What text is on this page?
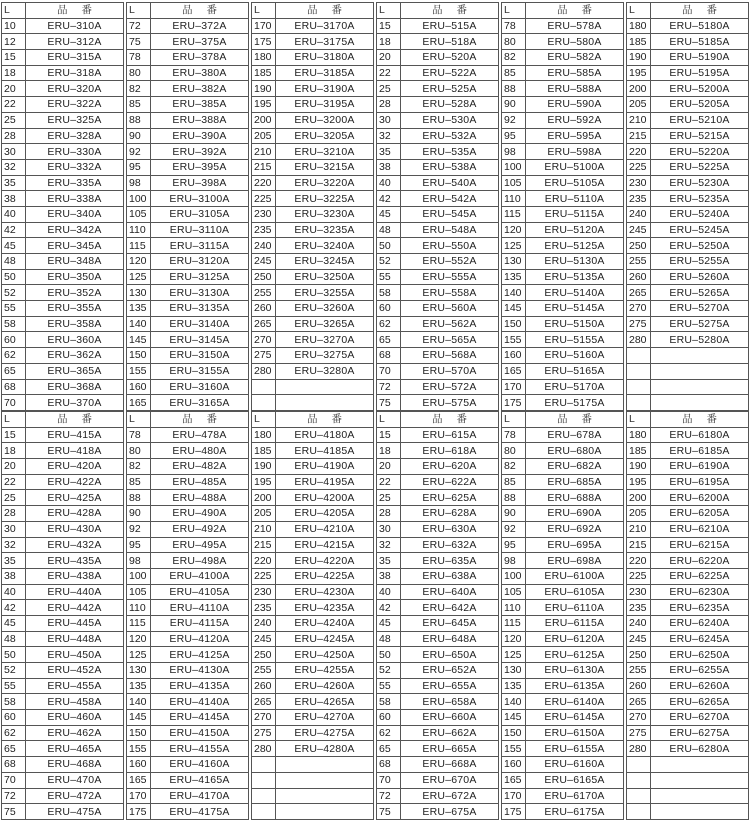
L	品番
10	ERU–310A
12	ERU–312A
15	ERU–315A
18	ERU–318A
20	ERU–320A
22	ERU–322A
25	ERU–325A
28	ERU–328A
30	ERU–330A
32	ERU–332A
35	ERU–335A
38	ERU–338A
40	ERU–340A
42	ERU–342A
45	ERU–345A
48	ERU–348A
50	ERU–350A
52	ERU–352A
55	ERU–355A
58	ERU–358A
60	ERU–360A
62	ERU–362A
65	ERU–365A
68	ERU–368A
70	ERU–370A
L	品番
72	ERU–372A
75	ERU–375A
78	ERU–378A
80	ERU–380A
82	ERU–382A
85	ERU–385A
88	ERU–388A
90	ERU–390A
92	ERU–392A
95	ERU–395A
98	ERU–398A
100	ERU–3100A
105	ERU–3105A
110	ERU–3110A
115	ERU–3115A
120	ERU–3120A
125	ERU–3125A
130	ERU–3130A
135	ERU–3135A
140	ERU–3140A
145	ERU–3145A
150	ERU–3150A
155	ERU–3155A
160	ERU–3160A
165	ERU–3165A
L	品番
170	ERU–3170A
175	ERU–3175A
180	ERU–3180A
185	ERU–3185A
190	ERU–3190A
195	ERU–3195A
200	ERU–3200A
205	ERU–3205A
210	ERU–3210A
215	ERU–3215A
220	ERU–3220A
225	ERU–3225A
230	ERU–3230A
235	ERU–3235A
240	ERU–3240A
245	ERU–3245A
250	ERU–3250A
255	ERU–3255A
260	ERU–3260A
265	ERU–3265A
270	ERU–3270A
275	ERU–3275A
280	ERU–3280A

L	品番
15	ERU–515A
18	ERU–518A
20	ERU–520A
22	ERU–522A
25	ERU–525A
28	ERU–528A
30	ERU–530A
32	ERU–532A
35	ERU–535A
38	ERU–538A
40	ERU–540A
42	ERU–542A
45	ERU–545A
48	ERU–548A
50	ERU–550A
52	ERU–552A
55	ERU–555A
58	ERU–558A
60	ERU–560A
62	ERU–562A
65	ERU–565A
68	ERU–568A
70	ERU–570A
72	ERU–572A
75	ERU–575A
L	品番
78	ERU–578A
80	ERU–580A
82	ERU–582A
85	ERU–585A
88	ERU–588A
90	ERU–590A
92	ERU–592A
95	ERU–595A
98	ERU–598A
100	ERU–5100A
105	ERU–5105A
110	ERU–5110A
115	ERU–5115A
120	ERU–5120A
125	ERU–5125A
130	ERU–5130A
135	ERU–5135A
140	ERU–5140A
145	ERU–5145A
150	ERU–5150A
155	ERU–5155A
160	ERU–5160A
165	ERU–5165A
170	ERU–5170A
175	ERU–5175A
L	品番
180	ERU–5180A
185	ERU–5185A
190	ERU–5190A
195	ERU–5195A
200	ERU–5200A
205	ERU–5205A
210	ERU–5210A
215	ERU–5215A
220	ERU–5220A
225	ERU–5225A
230	ERU–5230A
235	ERU–5235A
240	ERU–5240A
245	ERU–5245A
250	ERU–5250A
255	ERU–5255A
260	ERU–5260A
265	ERU–5265A
270	ERU–5270A
275	ERU–5275A
280	ERU–5280A

L	品番
15	ERU–415A
18	ERU–418A
20	ERU–420A
22	ERU–422A
25	ERU–425A
28	ERU–428A
30	ERU–430A
32	ERU–432A
35	ERU–435A
38	ERU–438A
40	ERU–440A
42	ERU–442A
45	ERU–445A
48	ERU–448A
50	ERU–450A
52	ERU–452A
55	ERU–455A
58	ERU–458A
60	ERU–460A
62	ERU–462A
65	ERU–465A
68	ERU–468A
70	ERU–470A
72	ERU–472A
75	ERU–475A
L	品番
78	ERU–478A
80	ERU–480A
82	ERU–482A
85	ERU–485A
88	ERU–488A
90	ERU–490A
92	ERU–492A
95	ERU–495A
98	ERU–498A
100	ERU–4100A
105	ERU–4105A
110	ERU–4110A
115	ERU–4115A
120	ERU–4120A
125	ERU–4125A
130	ERU–4130A
135	ERU–4135A
140	ERU–4140A
145	ERU–4145A
150	ERU–4150A
155	ERU–4155A
160	ERU–4160A
165	ERU–4165A
170	ERU–4170A
175	ERU–4175A
L	品番
180	ERU–4180A
185	ERU–4185A
190	ERU–4190A
195	ERU–4195A
200	ERU–4200A
205	ERU–4205A
210	ERU–4210A
215	ERU–4215A
220	ERU–4220A
225	ERU–4225A
230	ERU–4230A
235	ERU–4235A
240	ERU–4240A
245	ERU–4245A
250	ERU–4250A
255	ERU–4255A
260	ERU–4260A
265	ERU–4265A
270	ERU–4270A
275	ERU–4275A
280	ERU–4280A

L	品番
15	ERU–615A
18	ERU–618A
20	ERU–620A
22	ERU–622A
25	ERU–625A
28	ERU–628A
30	ERU–630A
32	ERU–632A
35	ERU–635A
38	ERU–638A
40	ERU–640A
42	ERU–642A
45	ERU–645A
48	ERU–648A
50	ERU–650A
52	ERU–652A
55	ERU–655A
58	ERU–658A
60	ERU–660A
62	ERU–662A
65	ERU–665A
68	ERU–668A
70	ERU–670A
72	ERU–672A
75	ERU–675A
L	品番
78	ERU–678A
80	ERU–680A
82	ERU–682A
85	ERU–685A
88	ERU–688A
90	ERU–690A
92	ERU–692A
95	ERU–695A
98	ERU–698A
100	ERU–6100A
105	ERU–6105A
110	ERU–6110A
115	ERU–6115A
120	ERU–6120A
125	ERU–6125A
130	ERU–6130A
135	ERU–6135A
140	ERU–6140A
145	ERU–6145A
150	ERU–6150A
155	ERU–6155A
160	ERU–6160A
165	ERU–6165A
170	ERU–6170A
175	ERU–6175A
L	品番
180	ERU–6180A
185	ERU–6185A
190	ERU–6190A
195	ERU–6195A
200	ERU–6200A
205	ERU–6205A
210	ERU–6210A
215	ERU–6215A
220	ERU–6220A
225	ERU–6225A
230	ERU–6230A
235	ERU–6235A
240	ERU–6240A
245	ERU–6245A
250	ERU–6250A
255	ERU–6255A
260	ERU–6260A
265	ERU–6265A
270	ERU–6270A
275	ERU–6275A
280	ERU–6280A
